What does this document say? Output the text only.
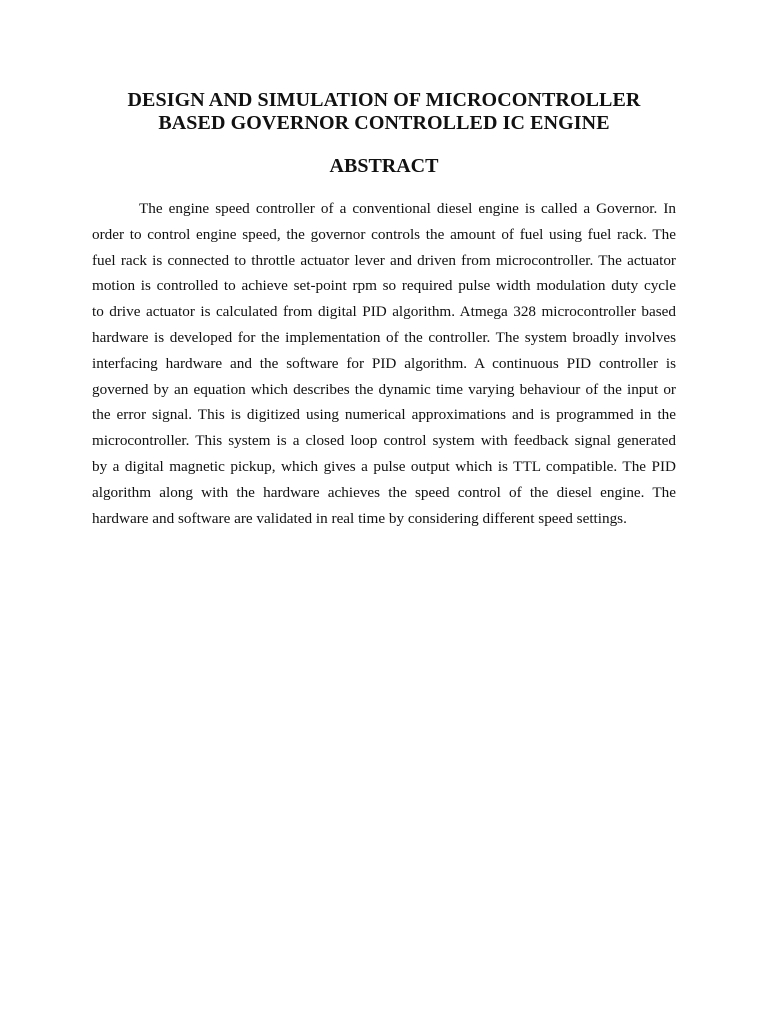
DESIGN AND SIMULATION OF MICROCONTROLLER
BASED GOVERNOR CONTROLLED IC ENGINE
ABSTRACT
The engine speed controller of a conventional diesel engine is called a Governor. In
order to control engine speed, the governor controls the amount of fuel using fuel rack. The
fuel rack is connected to throttle actuator lever and driven from microcontroller. The actuator
motion is controlled to achieve set-point rpm so required pulse width modulation duty cycle
to drive actuator is calculated from digital PID algorithm. Atmega 328 microcontroller based
hardware is developed for the implementation of the controller. The system broadly involves
interfacing hardware and the software for PID algorithm. A continuous PID controller is
governed by an equation which describes the dynamic time varying behaviour of the input or
the error signal. This is digitized using numerical approximations and is programmed in the
microcontroller. This system is a closed loop control system with feedback signal generated
by a digital magnetic pickup, which gives a pulse output which is TTL compatible. The PID
algorithm along with the hardware achieves the speed control of the diesel engine. The
hardware and software are validated in real time by considering different speed settings.
